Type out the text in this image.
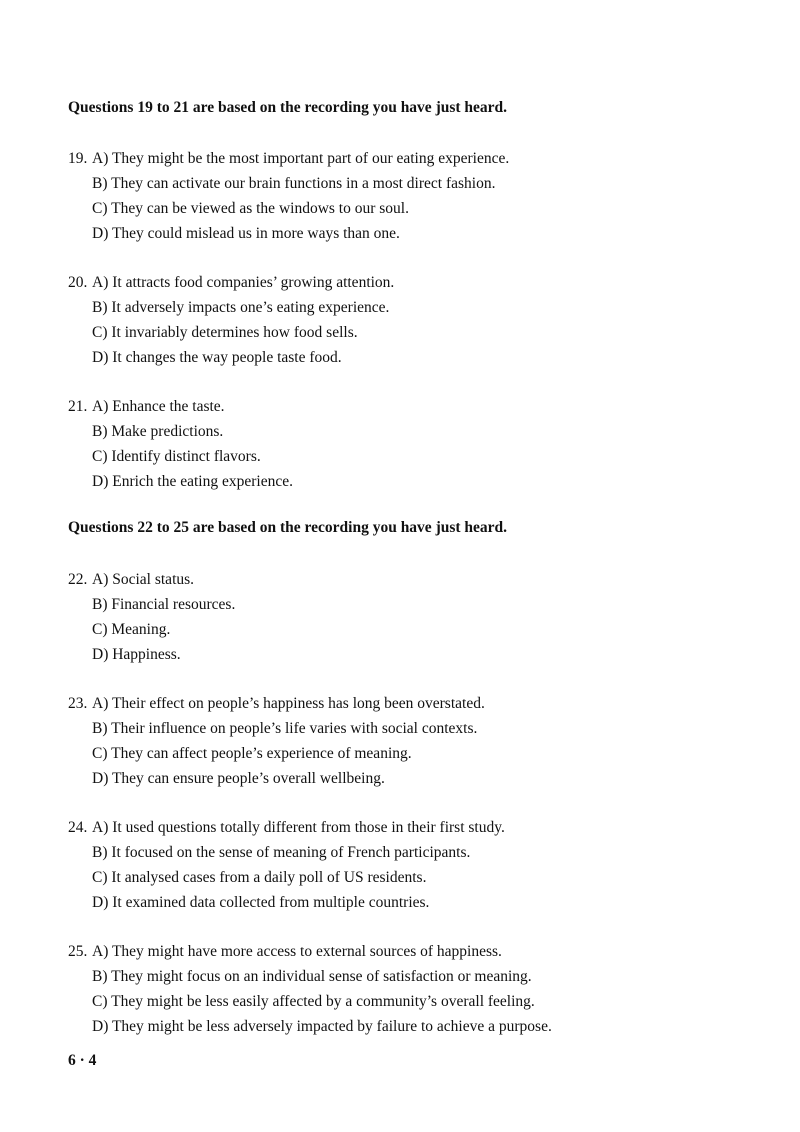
Questions 19 to 21 are based on the recording you have just heard.
19. A) They might be the most important part of our eating experience.
B) They can activate our brain functions in a most direct fashion.
C) They can be viewed as the windows to our soul.
D) They could mislead us in more ways than one.
20. A) It attracts food companies’ growing attention.
B) It adversely impacts one’s eating experience.
C) It invariably determines how food sells.
D) It changes the way people taste food.
21. A) Enhance the taste.
B) Make predictions.
C) Identify distinct flavors.
D) Enrich the eating experience.
Questions 22 to 25 are based on the recording you have just heard.
22. A) Social status.
B) Financial resources.
C) Meaning.
D) Happiness.
23. A) Their effect on people’s happiness has long been overstated.
B) Their influence on people’s life varies with social contexts.
C) They can affect people’s experience of meaning.
D) They can ensure people’s overall wellbeing.
24. A) It used questions totally different from those in their first study.
B) It focused on the sense of meaning of French participants.
C) It analysed cases from a daily poll of US residents.
D) It examined data collected from multiple countries.
25. A) They might have more access to external sources of happiness.
B) They might focus on an individual sense of satisfaction or meaning.
C) They might be less easily affected by a community’s overall feeling.
D) They might be less adversely impacted by failure to achieve a purpose.
6 · 4
